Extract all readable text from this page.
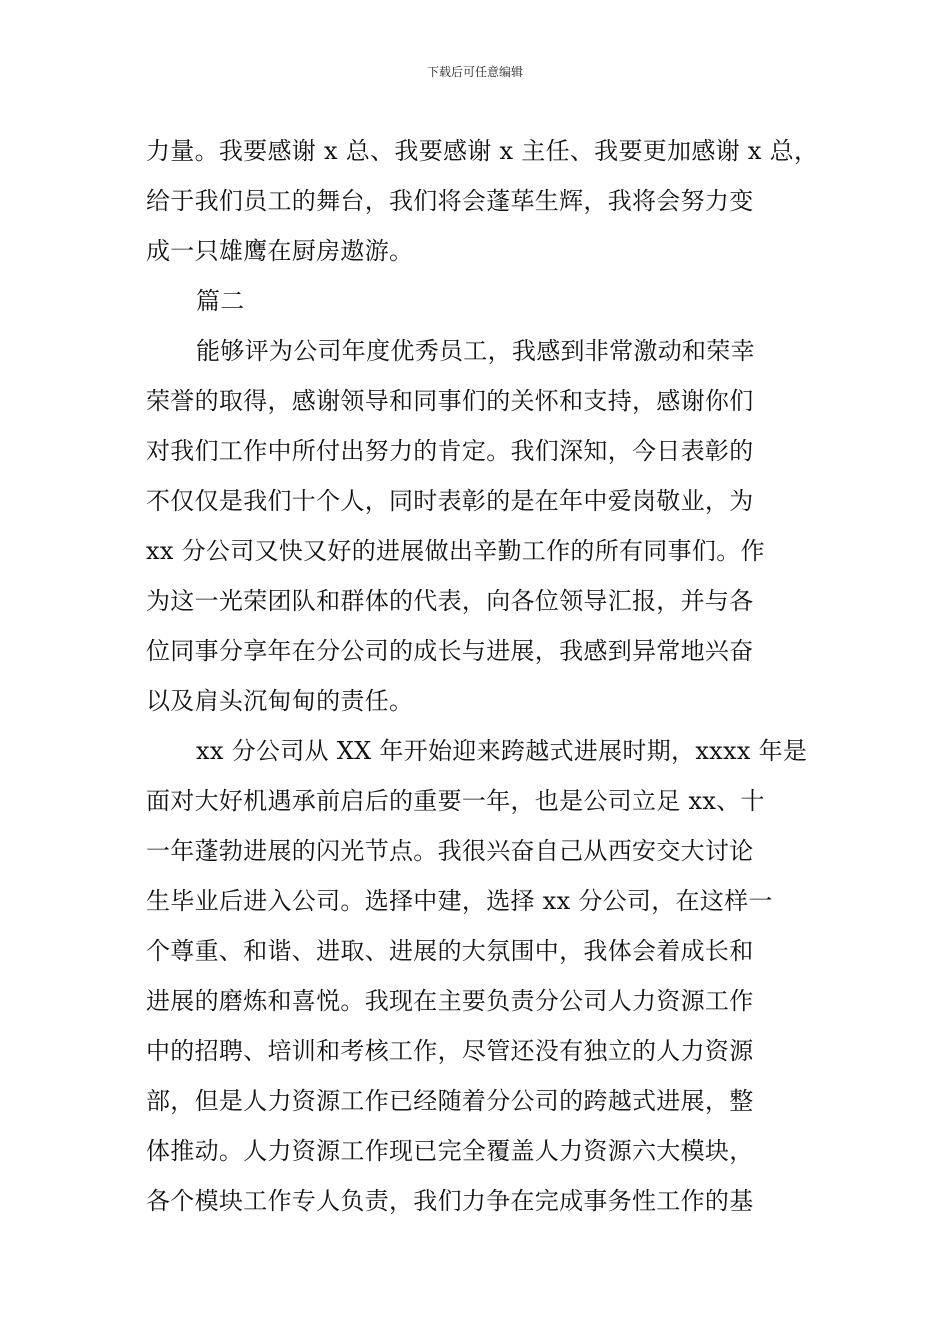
下载后可任意编辑
力量。我要感谢 x 总、我要感谢 x 主任、我要更加感谢 x 总，
给于我们员工的舞台，我们将会蓬荜生辉，我将会努力变
成一只雄鹰在厨房遨游。
篇二
能够评为公司年度优秀员工，我感到非常激动和荣幸
荣誉的取得，感谢领导和同事们的关怀和支持，感谢你们
对我们工作中所付出努力的肯定。我们深知，今日表彰的
不仅仅是我们十个人，同时表彰的是在年中爱岗敬业，为
xx 分公司又快又好的进展做出辛勤工作的所有同事们。作
为这一光荣团队和群体的代表，向各位领导汇报，并与各
位同事分享年在分公司的成长与进展，我感到异常地兴奋
以及肩头沉甸甸的责任。
xx 分公司从 XX 年开始迎来跨越式进展时期，xxxx 年是
面对大好机遇承前启后的重要一年，也是公司立足 xx、十
一年蓬勃进展的闪光节点。我很兴奋自己从西安交大讨论
生毕业后进入公司。选择中建，选择 xx 分公司，在这样一
个尊重、和谐、进取、进展的大氛围中，我体会着成长和
进展的磨炼和喜悦。我现在主要负责分公司人力资源工作
中的招聘、培训和考核工作，尽管还没有独立的人力资源
部，但是人力资源工作已经随着分公司的跨越式进展，整
体推动。人力资源工作现已完全覆盖人力资源六大模块，
各个模块工作专人负责，我们力争在完成事务性工作的基
